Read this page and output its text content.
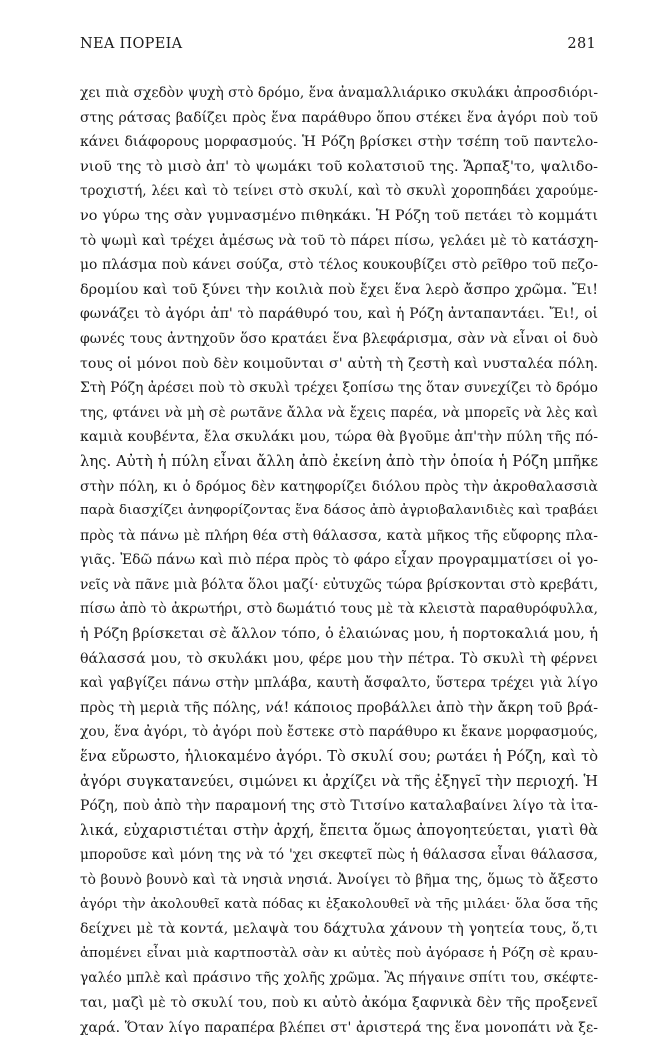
ΝΕΑ ΠΟΡΕΙΑ	281
χει πιὰ σχεδὸν ψυχὴ στὸ δρόμο, ἕνα ἀναμαλλιάρικο σκυλάκι ἀπροσδιόρι-
στης ράτσας βαδίζει πρὸς ἕνα παράθυρο ὅπου στέκει ἕνα ἀγόρι ποὺ τοῦ
κάνει διάφορους μορφασμούς. Ἡ Ρόζη βρίσκει στὴν τσέπη τοῦ παντελο-
νιοῦ της τὸ μισὸ ἀπ' τὸ ψωμάκι τοῦ κολατσιοῦ της. Ἅρπαξ'το, ψαλιδο-
τροχιστή, λέει καὶ τὸ τείνει στὸ σκυλί, καὶ τὸ σκυλὶ χοροπηδάει χαρούμε-
νο γύρω της σὰν γυμνασμένο πιθηκάκι. Ἡ Ρόζη τοῦ πετάει τὸ κομμάτι
τὸ ψωμὶ καὶ τρέχει ἀμέσως νὰ τοῦ τὸ πάρει πίσω, γελάει μὲ τὸ κατάσχη-
μο πλάσμα ποὺ κάνει σούζα, στὸ τέλος κουκουβίζει στὸ ρεῖθρο τοῦ πεζο-
δρομίου καὶ τοῦ ξύνει τὴν κοιλιὰ ποὺ ἔχει ἕνα λερὸ ἄσπρο χρῶμα. Ἔι!
φωνάζει τὸ ἀγόρι ἀπ' τὸ παράθυρό του, καὶ ἡ Ρόζη ἀνταπαντάει. Ἔι!, οἱ
φωνές τους ἀντηχοῦν ὅσο κρατάει ἕνα βλεφάρισμα, σὰν νὰ εἶναι οἱ δυὸ
τους οἱ μόνοι ποὺ δὲν κοιμοῦνται σ' αὐτὴ τὴ ζεστὴ καὶ νυσταλέα πόλη.
Στὴ Ρόζη ἀρέσει ποὺ τὸ σκυλὶ τρέχει ξοπίσω της ὅταν συνεχίζει τὸ δρόμο
της, φτάνει νὰ μὴ σὲ ρωτᾶνε ἄλλα νὰ ἔχεις παρέα, νὰ μπορεῖς νὰ λὲς καὶ
καμιὰ κουβέντα, ἔλα σκυλάκι μου, τώρα θὰ βγοῦμε ἀπ'τὴν πύλη τῆς πό-
λης. Αὐτὴ ἡ πύλη εἶναι ἄλλη ἀπὸ ἐκείνη ἀπὸ τὴν ὁποία ἡ Ρόζη μπῆκε
στὴν πόλη, κι ὁ δρόμος δὲν κατηφορίζει διόλου πρὸς τὴν ἀκροθαλασσιὰ
παρὰ διασχίζει ἀνηφορίζοντας ἕνα δάσος ἀπὸ ἀγριοβαλανιδιὲς καὶ τραβάει
πρὸς τὰ πάνω μὲ πλήρη θέα στὴ θάλασσα, κατὰ μῆκος τῆς εὔφορης πλα-
γιᾶς. Ἐδῶ πάνω καὶ πιὸ πέρα πρὸς τὸ φάρο εἶχαν προγραμματίσει οἱ γο-
νεῖς νὰ πᾶνε μιὰ βόλτα ὅλοι μαζί· εὐτυχῶς τώρα βρίσκονται στὸ κρεβάτι,
πίσω ἀπὸ τὸ ἀκρωτήρι, στὸ δωμάτιό τους μὲ τὰ κλειστὰ παραθυρόφυλλα,
ἡ Ρόζη βρίσκεται σὲ ἄλλον τόπο, ὁ ἐλαιώνας μου, ἡ πορτοκαλιά μου, ἡ
θάλασσά μου, τὸ σκυλάκι μου, φέρε μου τὴν πέτρα. Τὸ σκυλὶ τὴ φέρνει
καὶ γαβγίζει πάνω στὴν μπλάβα, καυτὴ ἄσφαλτο, ὕστερα τρέχει γιὰ λίγο
πρὸς τὴ μεριὰ τῆς πόλης, νά! κάποιος προβάλλει ἀπὸ τὴν ἄκρη τοῦ βρά-
χου, ἕνα ἀγόρι, τὸ ἀγόρι ποὺ ἔστεκε στὸ παράθυρο κι ἔκανε μορφασμούς,
ἕνα εὔρωστο, ἡλιοκαμένο ἀγόρι. Τὸ σκυλί σου; ρωτάει ἡ Ρόζη, καὶ τὸ
ἀγόρι συγκατανεύει, σιμώνει κι ἀρχίζει νὰ τῆς ἐξηγεῖ τὴν περιοχή. Ἡ
Ρόζη, ποὺ ἀπὸ τὴν παραμονή της στὸ Τιτσίνο καταλαβαίνει λίγο τὰ ἰτα-
λικά, εὐχαριστιέται στὴν ἀρχή, ἔπειτα ὅμως ἀπογοητεύεται, γιατὶ θὰ
μποροῦσε καὶ μόνη της νὰ τό 'χει σκεφτεῖ πὼς ἡ θάλασσα εἶναι θάλασσα,
τὸ βουνὸ βουνὸ καὶ τὰ νησιὰ νησιά. Ἀνοίγει τὸ βῆμα της, ὅμως τὸ ἄξεστο
ἀγόρι τὴν ἀκολουθεῖ κατὰ πόδας κι ἐξακολουθεῖ νὰ τῆς μιλάει· ὅλα ὅσα τῆς
δείχνει μὲ τὰ κοντά, μελαψὰ του δάχτυλα χάνουν τὴ γοητεία τους, ὅ,τι
ἀπομένει εἶναι μιὰ καρτποστὰλ σὰν κι αὐτὲς ποὺ ἀγόρασε ἡ Ρόζη σὲ κραυ-
γαλέο μπλὲ καὶ πράσινο τῆς χολῆς χρῶμα. Ἂς πήγαινε σπίτι του, σκέφτε-
ται, μαζὶ μὲ τὸ σκυλί του, ποὺ κι αὐτὸ ἀκόμα ξαφνικὰ δὲν τῆς προξενεῖ
χαρά. Ὅταν λίγο παραπέρα βλέπει στ' ἀριστερά της ἕνα μονοπάτι νὰ ξε-
